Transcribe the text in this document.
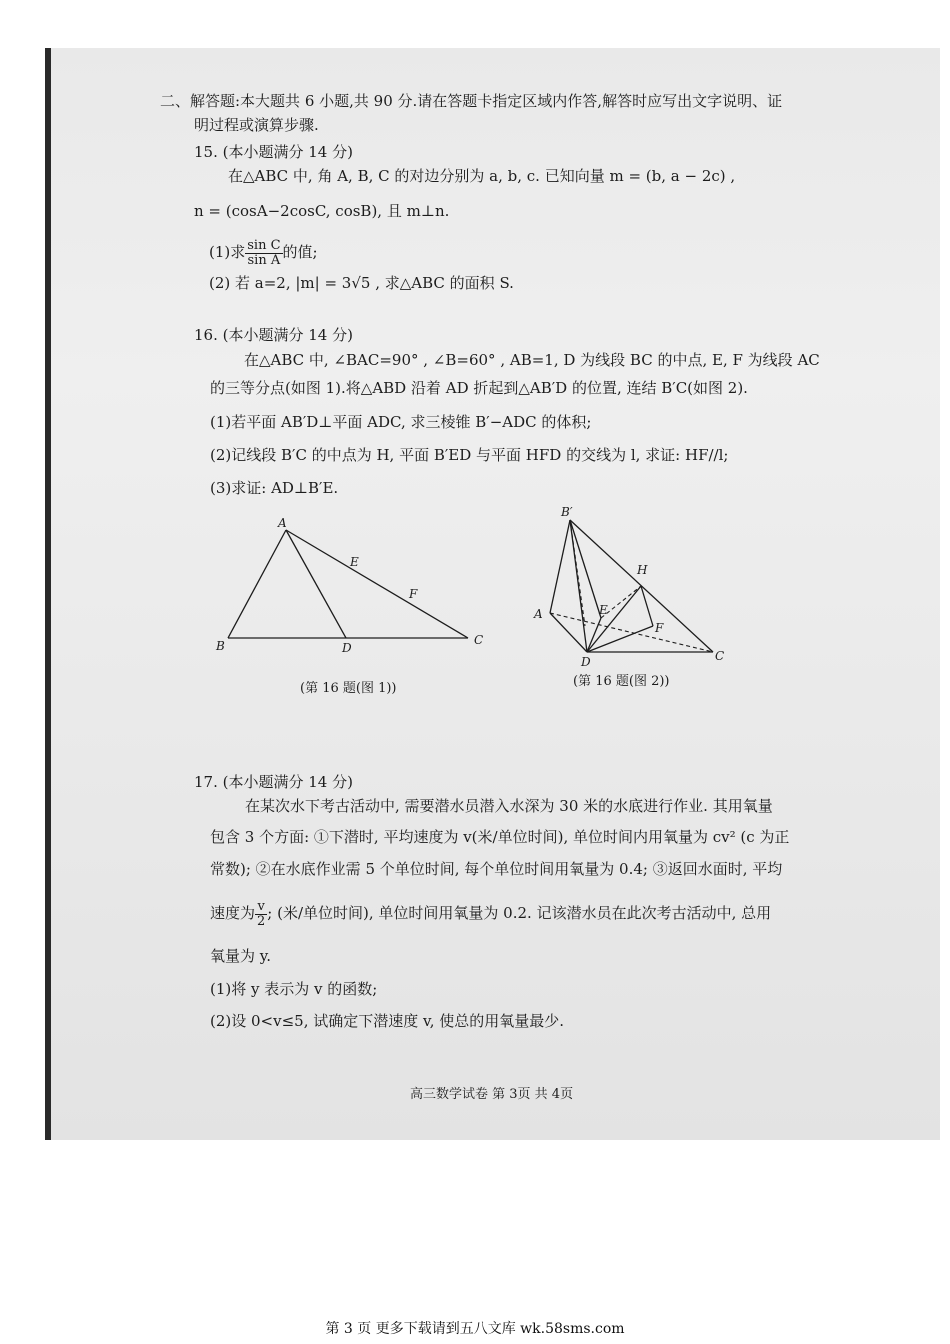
二、解答题:本大题共 6 小题,共 90 分.请在答题卡指定区域内作答,解答时应写出文字说明、证
明过程或演算步骤.
15. (本小题满分 14 分)
在△ABC 中, 角 A, B, C 的对边分别为 a, b, c. 已知向量 m = (b, a − 2c) ,
n = (cosA−2cosC, cosB), 且 m⊥n.
(1)求 $\frac{\text{sin C}}{\text{sin A}}$ 的值;
(2) 若 a=2, |m| = 3√5 , 求△ABC 的面积 S.
16. (本小题满分 14 分)
在△ABC 中, ∠BAC=90° , ∠B=60° , AB=1, D 为线段 BC 的中点, E, F 为线段 AC
的三等分点(如图 1).将△ABD 沿着 AD 折起到△AB′D 的位置, 连结 B′C(如图 2).
(1)若平面 AB′D⊥平面 ADC, 求三棱锥 B′−ADC 的体积;
(2)记线段 B′C 的中点为 H, 平面 B′ED 与平面 HFD 的交线为 l, 求证: HF//l;
(3)求证: AD⊥B′E.
A
B	C
D
E
F
(第 16 题(图 1))
B′
A
C
D
E
F
H
(第 16 题(图 2))
17. (本小题满分 14 分)
在某次水下考古活动中, 需要潜水员潜入水深为 30 米的水底进行作业. 其用氧量
包含 3 个方面: ①下潜时, 平均速度为 v(米/单位时间), 单位时间内用氧量为 cv² (c 为正
常数); ②在水底作业需 5 个单位时间, 每个单位时间用氧量为 0.4; ③返回水面时, 平均
速度为 $\frac{v}{2}$ ; (米/单位时间), 单位时间用氧量为 0.2. 记该潜水员在此次考古活动中, 总用
氧量为 y.
(1)将 y 表示为 v 的函数;
(2)设 0<v≤5, 试确定下潜速度 v, 使总的用氧量最少.
高三数学试卷 第 3页 共 4页
第 3 页 更多下载请到五八文库 wk.58sms.com
